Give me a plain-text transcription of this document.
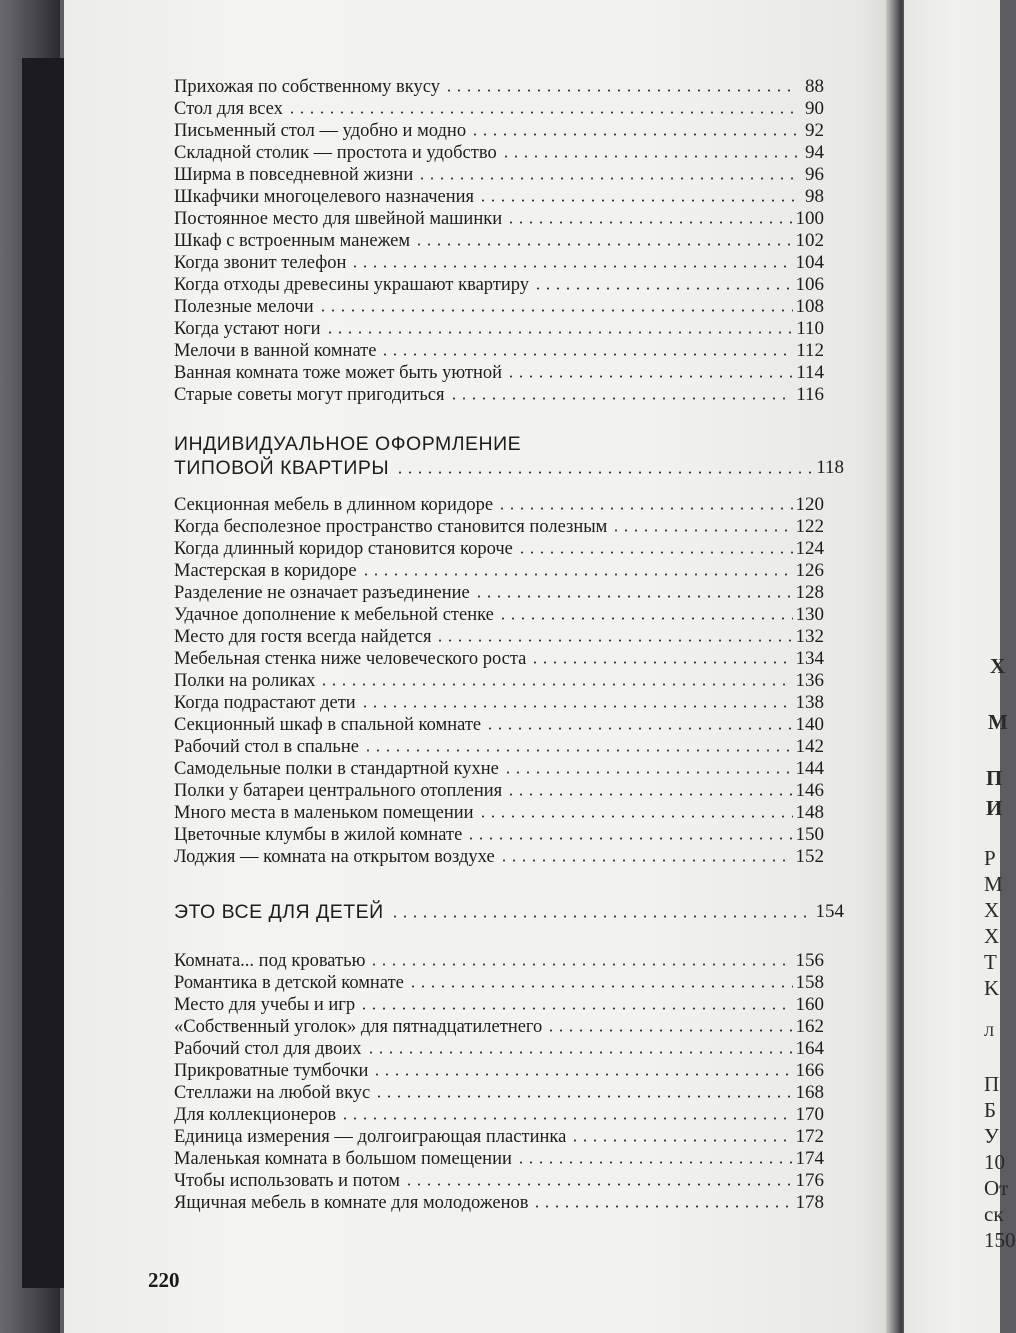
X
M
П
И
P
M
X
X
T
K
Л
П
Б
У
10
От
ск
150
Прихожая по собственному вкусу	88
Стол для всех	90
Письменный стол — удобно и модно	92
Складной столик — простота и удобство	94
Ширма в повседневной жизни	96
Шкафчики многоцелевого назначения	98
Постоянное место для швейной машинки	100
Шкаф с встроенным манежем	102
Когда звонит телефон	104
Когда отходы древесины украшают квартиру	106
Полезные мелочи	108
Когда устают ноги	110
Мелочи в ванной комнате	112
Ванная комната тоже может быть уютной	114
Старые советы могут пригодиться	116
ИНДИВИДУАЛЬНОЕ ОФОРМЛЕНИЕ
ТИПОВОЙ КВАРТИРЫ	118
Секционная мебель в длинном коридоре	120
Когда бесполезное пространство становится полезным	122
Когда длинный коридор становится короче	124
Мастерская в коридоре	126
Разделение не означает разъединение	128
Удачное дополнение к мебельной стенке	130
Место для гостя всегда найдется	132
Мебельная стенка ниже человеческого роста	134
Полки на роликах	136
Когда подрастают дети	138
Секционный шкаф в спальной комнате	140
Рабочий стол в спальне	142
Самодельные полки в стандартной кухне	144
Полки у батареи центрального отопления	146
Много места в маленьком помещении	148
Цветочные клумбы в жилой комнате	150
Лоджия — комната на открытом воздухе	152
ЭТО ВСЕ ДЛЯ ДЕТЕЙ	154
Комната... под кроватью	156
Романтика в детской комнате	158
Место для учебы и игр	160
«Собственный уголок» для пятнадцатилетнего	162
Рабочий стол для двоих	164
Прикроватные тумбочки	166
Стеллажи на любой вкус	168
Для коллекционеров	170
Единица измерения — долгоиграющая пластинка	172
Маленькая комната в большом помещении	174
Чтобы использовать и потом	176
Ящичная мебель в комнате для молодоженов	178
220
